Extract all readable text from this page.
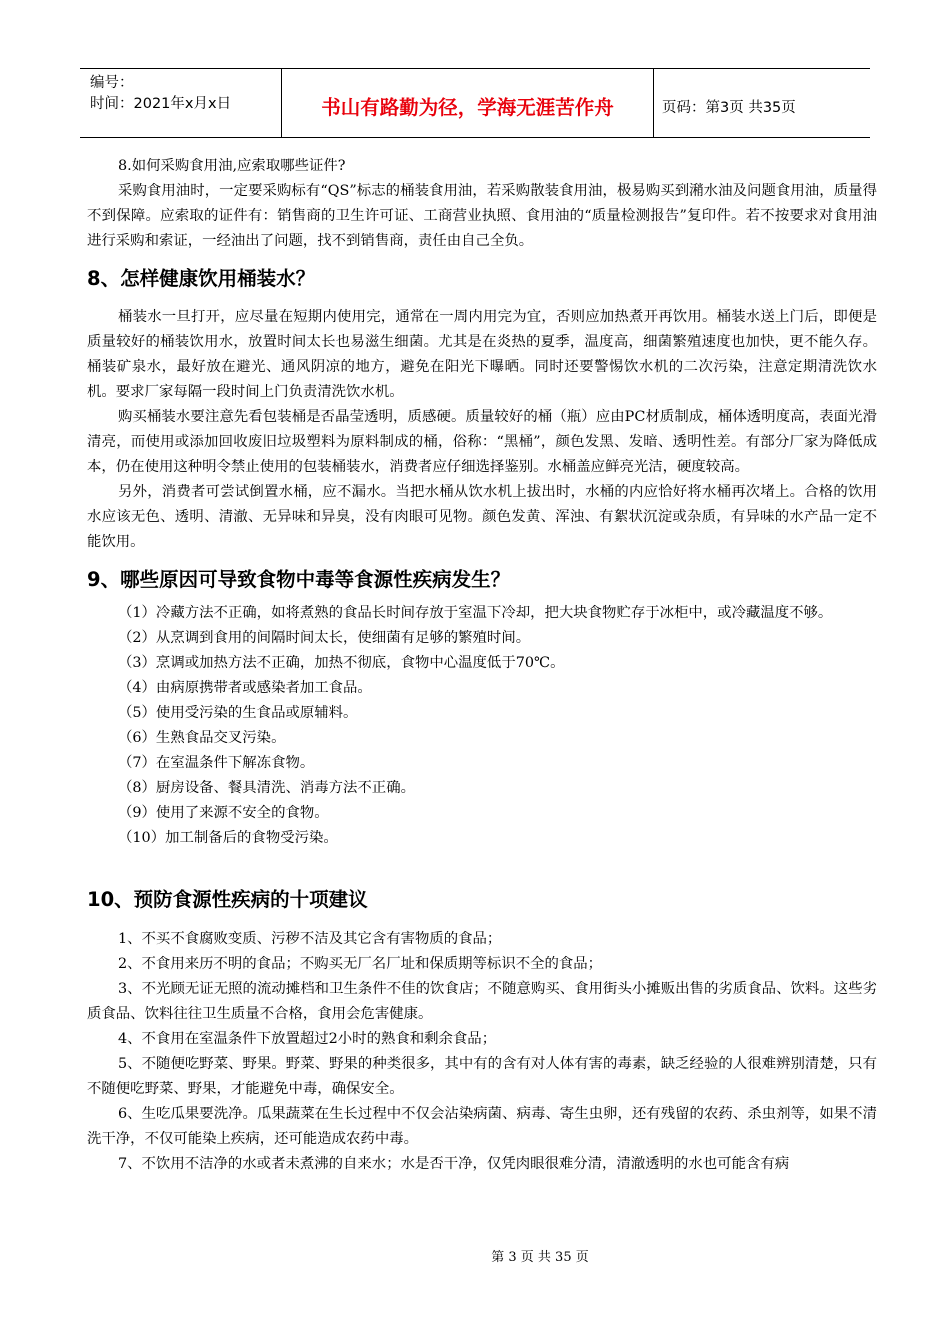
编号：
时间：2021年x月x日	书山有路勤为径，学海无涯苦作舟	页码：第3页 共35页

8.如何采购食用油,应索取哪些证件?

采购食用油时，一定要采购标有“QS”标志的桶装食用油，若采购散装食用油，极易购买到潲水油及问题食用油，质量得不到保障。应索取的证件有：销售商的卫生许可证、工商营业执照、食用油的“质量检测报告”复印件。若不按要求对食用油进行采购和索证，一经油出了问题，找不到销售商，责任由自己全负。

8、怎样健康饮用桶装水？

桶装水一旦打开，应尽量在短期内使用完，通常在一周内用完为宜，否则应加热煮开再饮用。桶装水送上门后，即便是质量较好的桶装饮用水，放置时间太长也易滋生细菌。尤其是在炎热的夏季，温度高，细菌繁殖速度也加快，更不能久存。桶装矿泉水，最好放在避光、通风阴凉的地方，避免在阳光下曝晒。同时还要警惕饮水机的二次污染，注意定期清洗饮水机。要求厂家每隔一段时间上门负责清洗饮水机。

购买桶装水要注意先看包装桶是否晶莹透明，质感硬。质量较好的桶（瓶）应由PC材质制成，桶体透明度高，表面光滑清亮，而使用或添加回收废旧垃圾塑料为原料制成的桶，俗称：“黑桶”，颜色发黑、发暗、透明性差。有部分厂家为降低成本，仍在使用这种明令禁止使用的包装桶装水，消费者应仔细选择鉴别。水桶盖应鲜亮光洁，硬度较高。

另外，消费者可尝试倒置水桶，应不漏水。当把水桶从饮水机上拔出时，水桶的内应恰好将水桶再次堵上。合格的饮用水应该无色、透明、清澈、无异味和异臭，没有肉眼可见物。颜色发黄、浑浊、有絮状沉淀或杂质，有异味的水产品一定不能饮用。

9、哪些原因可导致食物中毒等食源性疾病发生？

（1）冷藏方法不正确，如将煮熟的食品长时间存放于室温下冷却，把大块食物贮存于冰柜中，或冷藏温度不够。

（2）从烹调到食用的间隔时间太长，使细菌有足够的繁殖时间。

（3）烹调或加热方法不正确，加热不彻底，食物中心温度低于70℃。

（4）由病原携带者或感染者加工食品。

（5）使用受污染的生食品或原辅料。

（6）生熟食品交叉污染。

（7）在室温条件下解冻食物。

（8）厨房设备、餐具清洗、消毒方法不正确。

（9）使用了来源不安全的食物。

（10）加工制备后的食物受污染。

10、预防食源性疾病的十项建议

1、不买不食腐败变质、污秽不洁及其它含有害物质的食品；

2、不食用来历不明的食品；不购买无厂名厂址和保质期等标识不全的食品；

3、不光顾无证无照的流动摊档和卫生条件不佳的饮食店；不随意购买、食用街头小摊贩出售的劣质食品、饮料。这些劣质食品、饮料往往卫生质量不合格，食用会危害健康。

4、不食用在室温条件下放置超过2小时的熟食和剩余食品；

5、不随便吃野菜、野果。野菜、野果的种类很多，其中有的含有对人体有害的毒素，缺乏经验的人很难辨别清楚，只有不随便吃野菜、野果，才能避免中毒，确保安全。

6、生吃瓜果要洗净。瓜果蔬菜在生长过程中不仅会沾染病菌、病毒、寄生虫卵，还有残留的农药、杀虫剂等，如果不清洗干净，不仅可能染上疾病，还可能造成农药中毒。

7、不饮用不洁净的水或者未煮沸的自来水；水是否干净，仅凭肉眼很难分清，清澈透明的水也可能含有病

第 3 页 共 35 页
